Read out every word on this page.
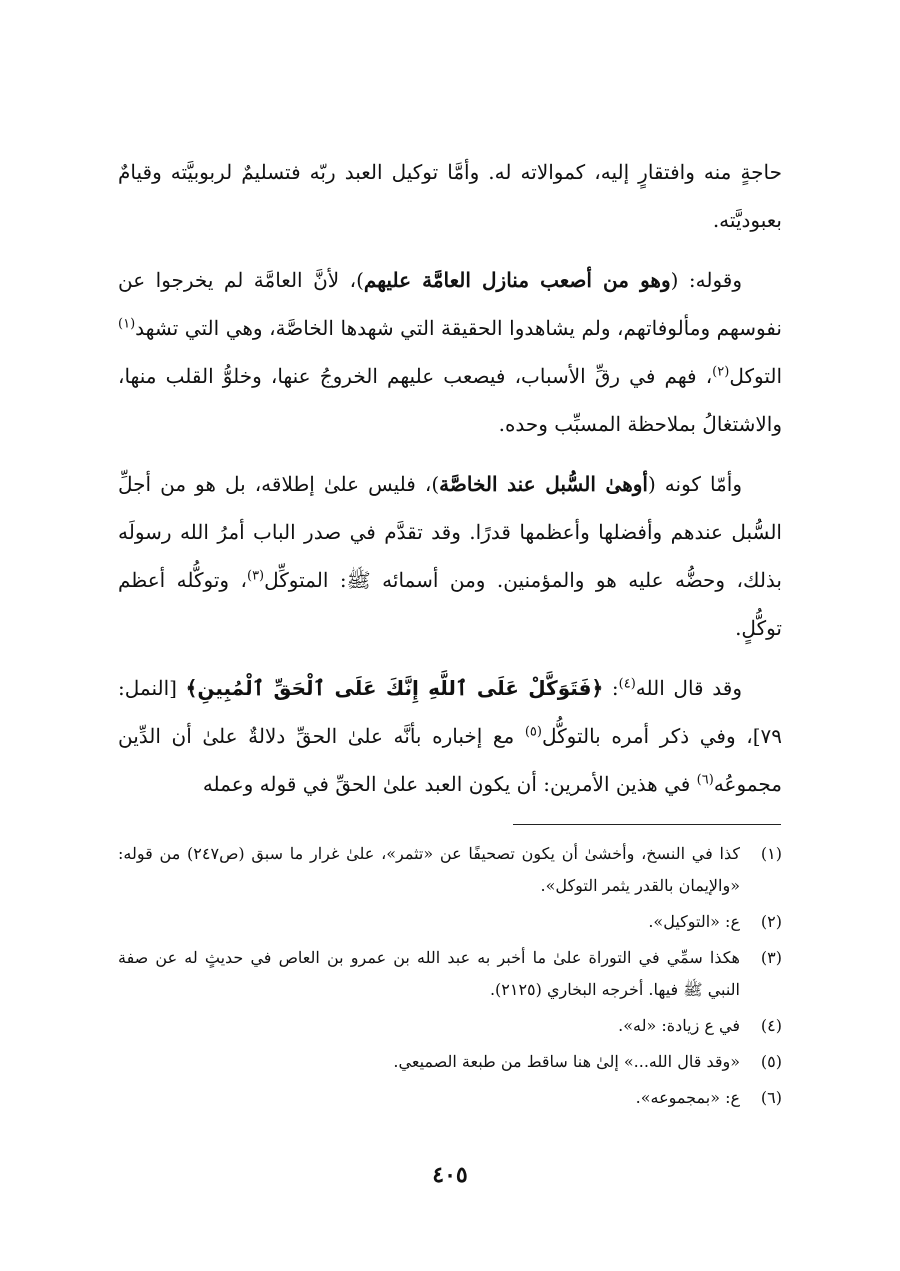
حاجةٍ منه وافتقارٍ إليه، كموالاته له. وأمَّا توكيل العبد ربّه فتسليمٌ لربوبيَّته وقيامٌ بعبوديَّته.

وقوله: (وهو من أصعب منازل العامَّة عليهم)، لأنَّ العامَّة لم يخرجوا عن نفوسهم ومألوفاتهم، ولم يشاهدوا الحقيقة التي شهدها الخاصَّة، وهي التي تشهد$^{(١)}$ التوكل$^{(٢)}$، فهم في رقِّ الأسباب، فيصعب عليهم الخروجُ عنها، وخلوُّ القلب منها، والاشتغالُ بملاحظة المسبِّب وحده.

وأمّا كونه (أوهىٰ السُّبل عند الخاصَّة)، فليس علىٰ إطلاقه، بل هو من أجلِّ السُّبل عندهم وأفضلها وأعظمها قدرًا. وقد تقدَّم في صدر الباب أمرُ الله رسولَه بذلك، وحضُّه عليه هو والمؤمنين. ومن أسمائه ﷺ: المتوكِّل$^{(٣)}$، وتوكُّله أعظم توكُّلٍ.

وقد قال الله$^{(٤)}$: ﴿فَتَوَكَّلْ عَلَى ٱللَّهِ إِنَّكَ عَلَى ٱلْحَقِّ ٱلْمُبِينِ﴾ [النمل: ٧٩]، وفي ذكر أمره بالتوكُّل$^{(٥)}$ مع إخباره بأنَّه علىٰ الحقِّ دلالةٌ علىٰ أن الدِّين مجموعُه$^{(٦)}$ في هذين الأمرين: أن يكون العبد علىٰ الحقِّ في قوله وعمله

(١)
كذا في النسخ، وأخشىٰ أن يكون تصحيفًا عن «تثمر»، علىٰ غرار ما سبق (ص٢٤٧) من قوله: «والإيمان بالقدر يثمر التوكل».
(٢)
ع: «التوكيل».
(٣)
هكذا سمِّي في التوراة علىٰ ما أخبر به عبد الله بن عمرو بن العاص في حديثٍ له عن صفة النبي ﷺ فيها. أخرجه البخاري (٢١٢٥).
(٤)
في ع زيادة: «له».
(٥)
«وقد قال الله...» إلىٰ هنا ساقط من طبعة الصميعي.
(٦)
ع: «بمجموعه».
٤٠٥
